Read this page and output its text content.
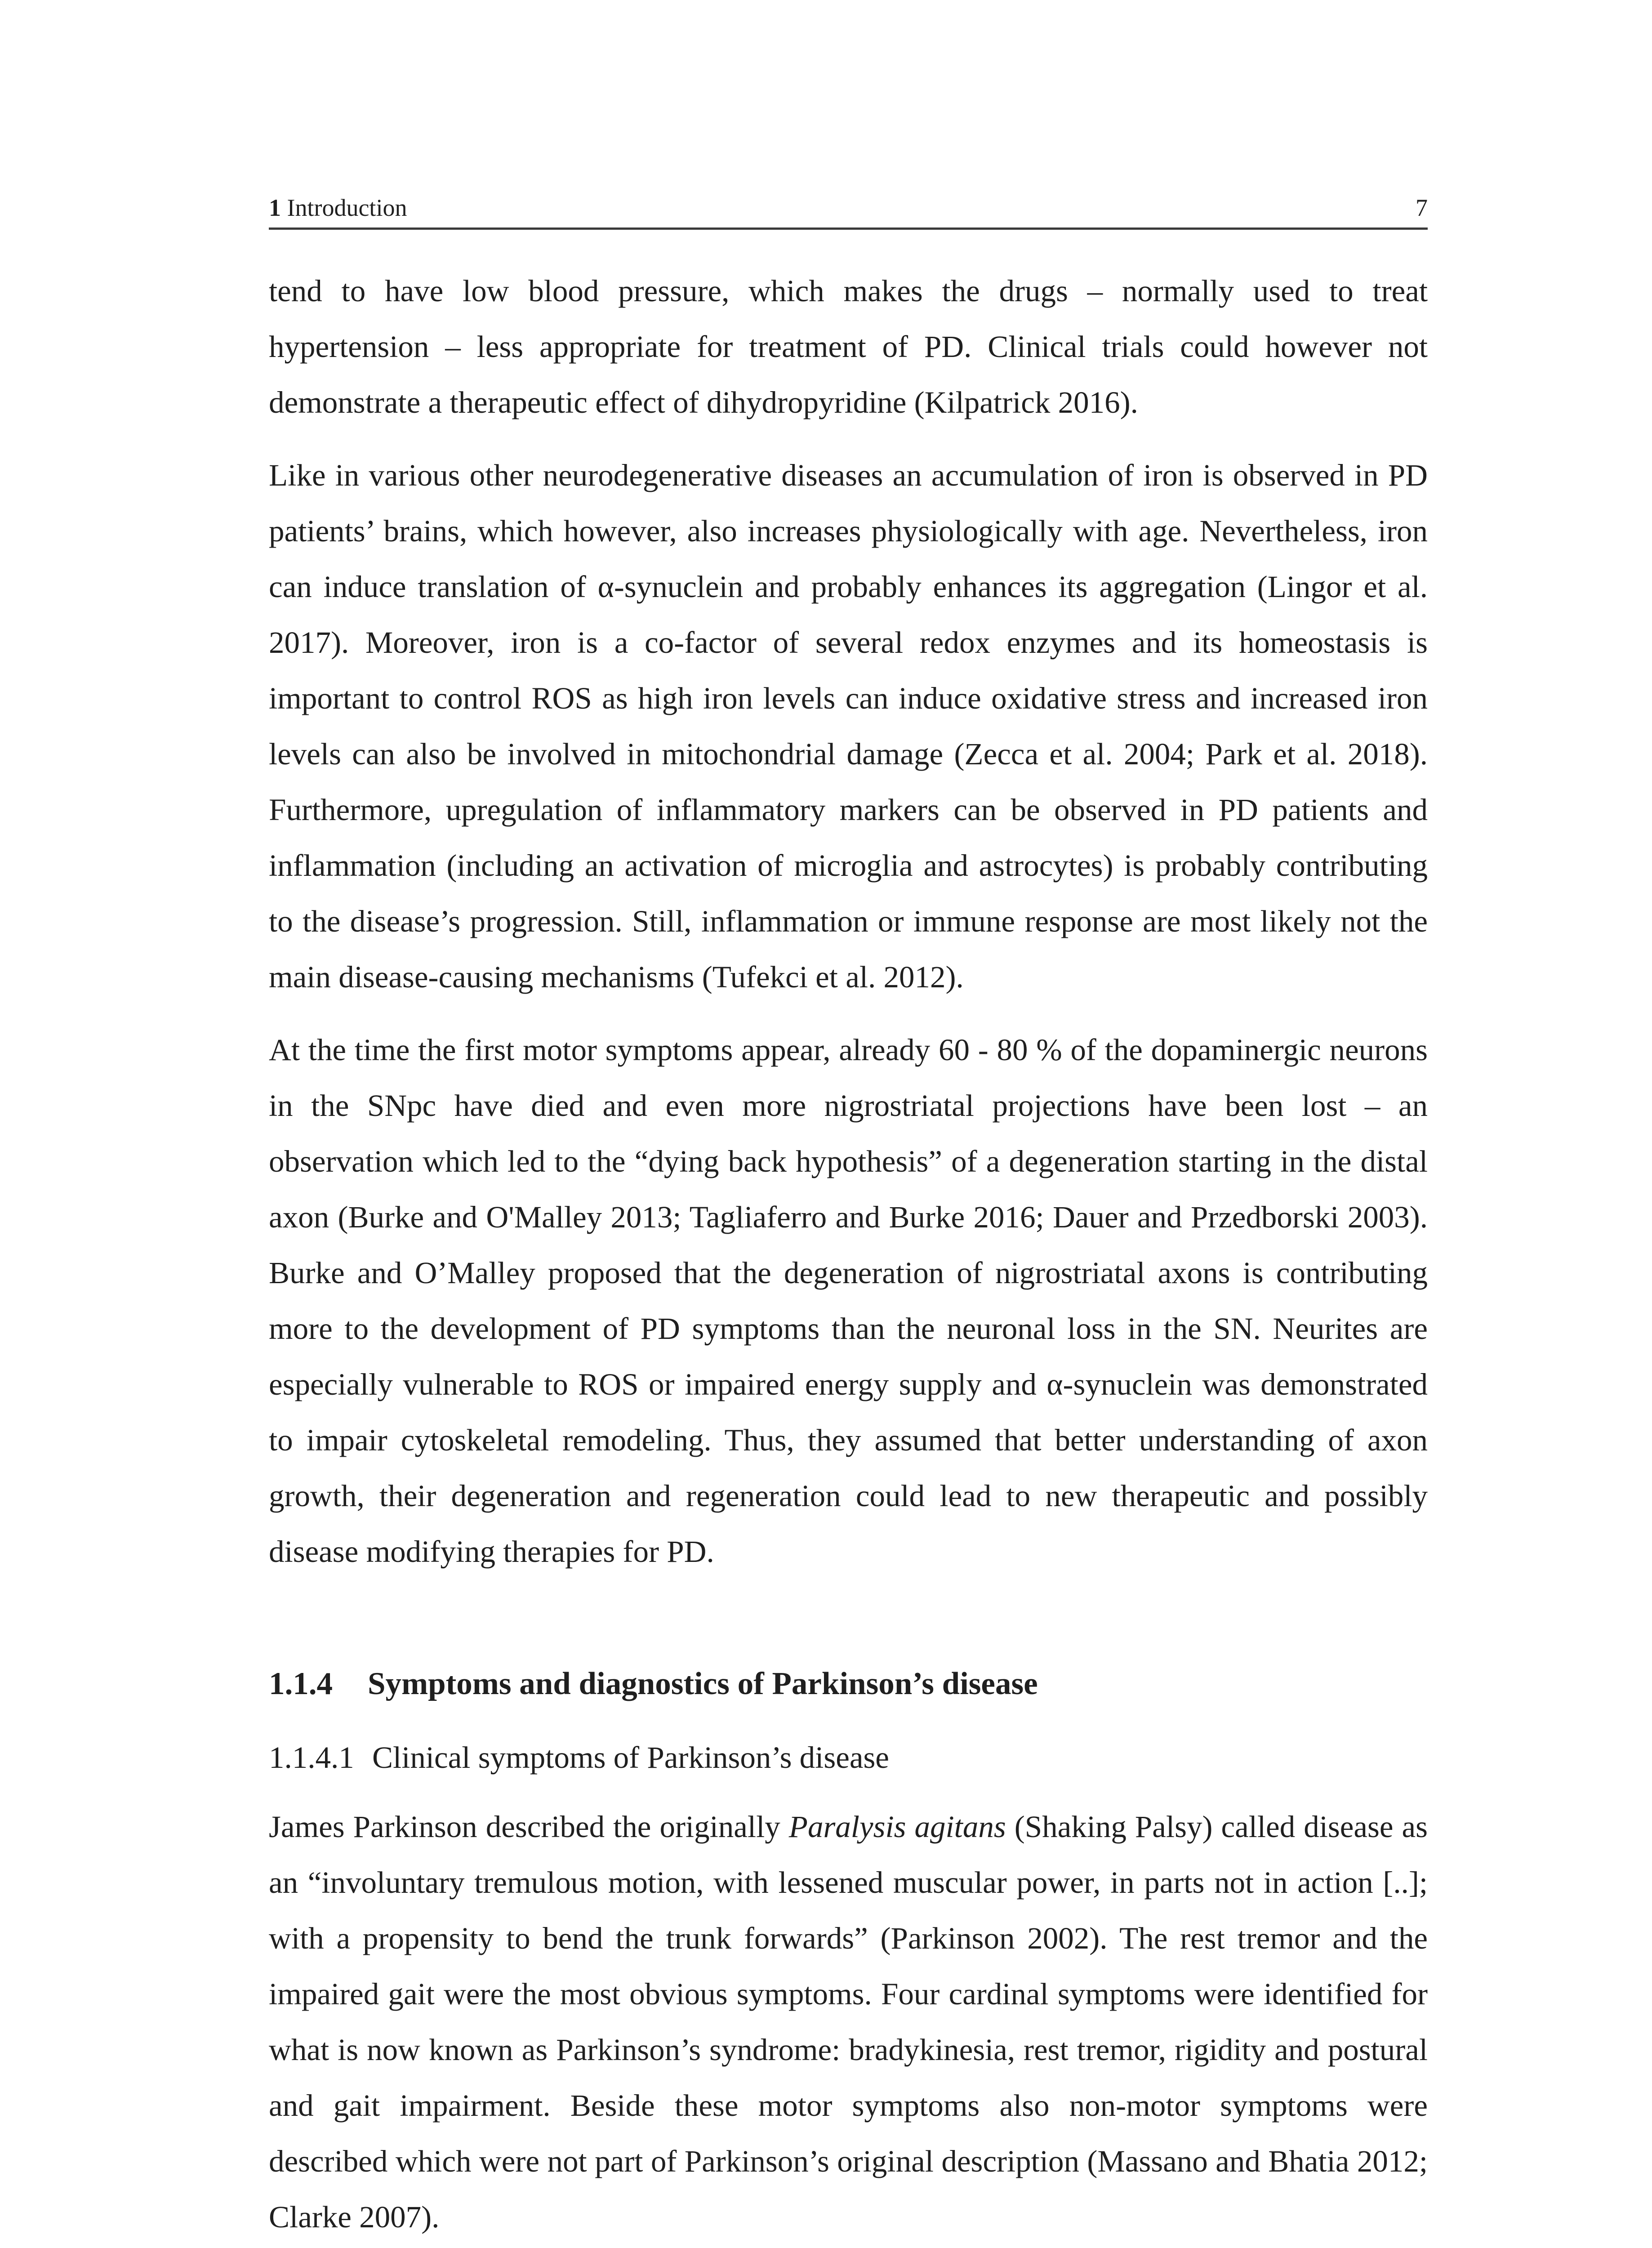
1 Introduction	7

tend to have low blood pressure, which makes the drugs – normally used to treat hypertension – less appropriate for treatment of PD. Clinical trials could however not demonstrate a therapeutic effect of dihydropyridine (Kilpatrick 2016).

Like in various other neurodegenerative diseases an accumulation of iron is observed in PD patients’ brains, which however, also increases physiologically with age. Nevertheless, iron can induce translation of α-synuclein and probably enhances its aggregation (Lingor et al. 2017). Moreover, iron is a co-factor of several redox enzymes and its homeostasis is important to control ROS as high iron levels can induce oxidative stress and increased iron levels can also be involved in mitochondrial damage (Zecca et al. 2004; Park et al. 2018). Furthermore, upregulation of inflammatory markers can be observed in PD patients and inflammation (including an activation of microglia and astrocytes) is probably contributing to the disease’s progression. Still, inflammation or immune response are most likely not the main disease-causing mechanisms (Tufekci et al. 2012).

At the time the first motor symptoms appear, already 60 - 80 % of the dopaminergic neurons in the SNpc have died and even more nigrostriatal projections have been lost – an observation which led to the “dying back hypothesis” of a degeneration starting in the distal axon (Burke and O'Malley 2013; Tagliaferro and Burke 2016; Dauer and Przedborski 2003). Burke and O’Malley proposed that the degeneration of nigrostriatal axons is contributing more to the development of PD symptoms than the neuronal loss in the SN. Neurites are especially vulnerable to ROS or impaired energy supply and α-synuclein was demonstrated to impair cytoskeletal remodeling. Thus, they assumed that better understanding of axon growth, their degeneration and regeneration could lead to new therapeutic and possibly disease modifying therapies for PD.

1.1.4 Symptoms and diagnostics of Parkinson’s disease
1.1.4.1 Clinical symptoms of Parkinson’s disease

James Parkinson described the originally Paralysis agitans (Shaking Palsy) called disease as an “involuntary tremulous motion, with lessened muscular power, in parts not in action [..]; with a propensity to bend the trunk forwards” (Parkinson 2002). The rest tremor and the impaired gait were the most obvious symptoms. Four cardinal symptoms were identified for what is now known as Parkinson’s syndrome: bradykinesia, rest tremor, rigidity and postural and gait impairment. Beside these motor symptoms also non-motor symptoms were described which were not part of Parkinson’s original description (Massano and Bhatia 2012; Clarke 2007).
